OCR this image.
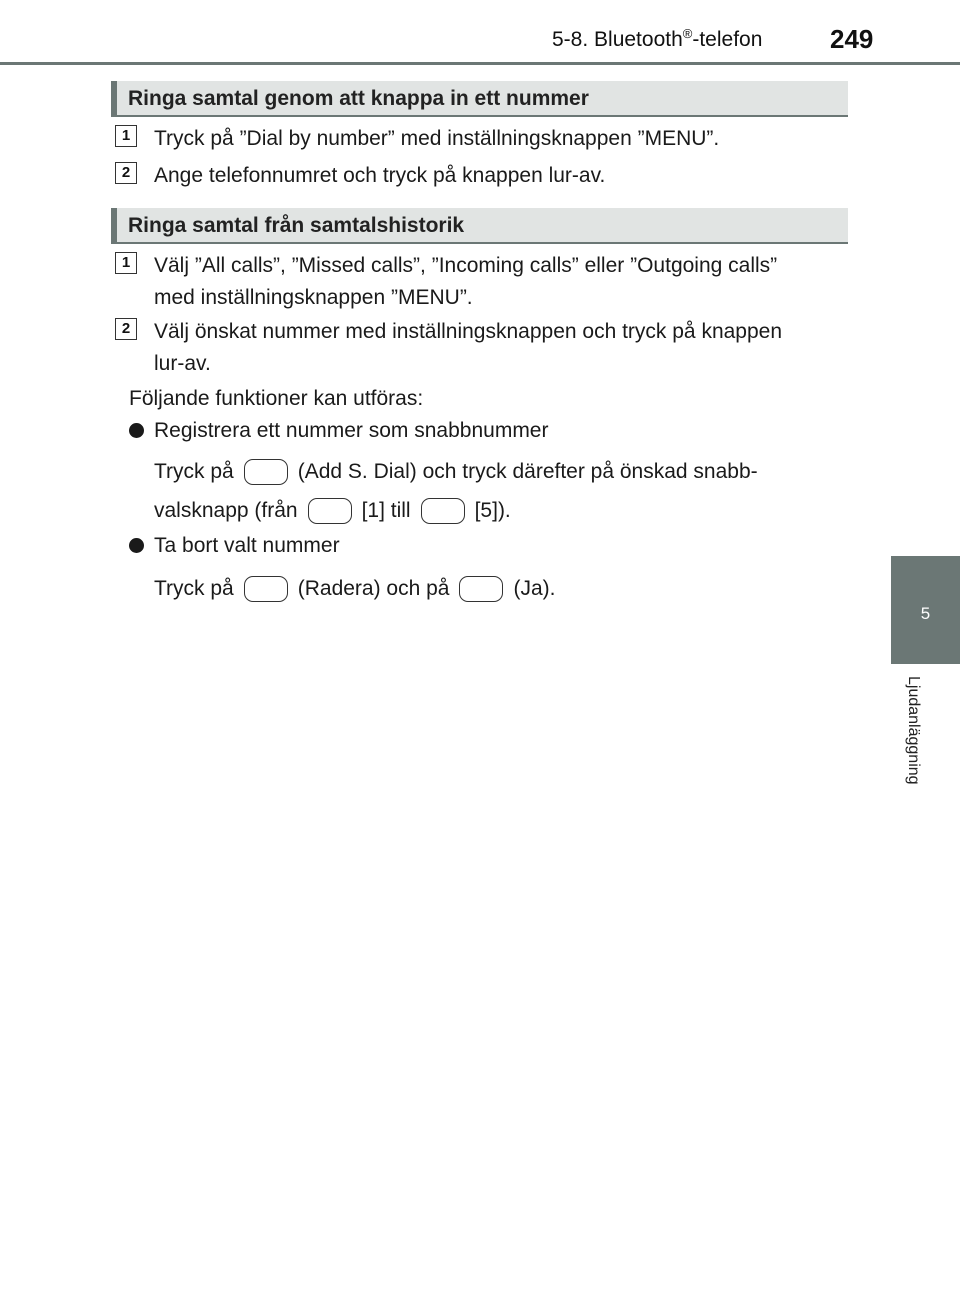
5-8. Bluetooth®-telefon	249
Ringa samtal genom att knappa in ett nummer
1	Tryck på ”Dial by number” med inställningsknappen ”MENU”.
2	Ange telefonnumret och tryck på knappen lur-av.
Ringa samtal från samtalshistorik
1	Välj ”All calls”, ”Missed calls”, ”Incoming calls” eller ”Outgoing calls”
med inställningsknappen ”MENU”.
2	Välj önskat nummer med inställningsknappen och tryck på knappen
lur-av.
Följande funktioner kan utföras:
Registrera ett nummer som snabbnummer
Tryck på	(Add S. Dial) och tryck därefter på önskad snabb-
valsknapp (från	[1] till	[5]).
Ta bort valt nummer
Tryck på	(Radera) och på	(Ja).
5
Ljudanläggning
